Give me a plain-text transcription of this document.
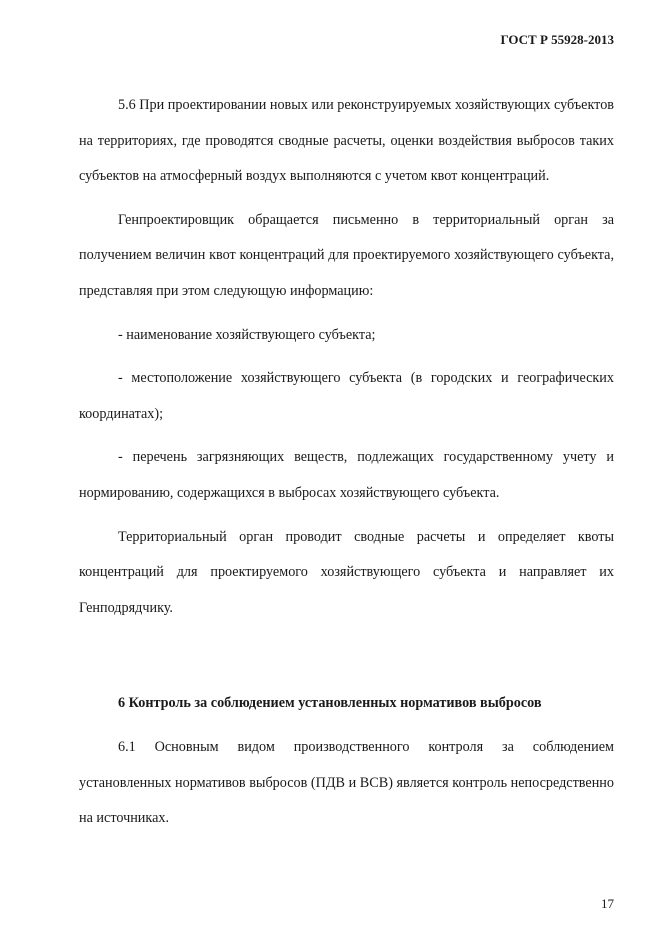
ГОСТ Р 55928-2013

5.6 При проектировании новых или реконструируемых хозяйствующих субъектов на территориях, где проводятся сводные расчеты, оценки воздействия выбросов таких субъектов на атмосферный воздух выполняются с учетом квот концентраций.

Генпроектировщик обращается письменно в территориальный орган за получением величин квот концентраций для проектируемого хозяйствующего субъекта, представляя при этом следующую информацию:

- наименование хозяйствующего субъекта;

- местоположение хозяйствующего субъекта (в городских и географических координатах);

- перечень загрязняющих веществ, подлежащих государственному учету и нормированию, содержащихся в выбросах хозяйствующего субъекта.

Территориальный орган проводит сводные расчеты и определяет квоты концентраций для проектируемого хозяйствующего субъекта и направляет их Генподрядчику.

6 Контроль за соблюдением установленных нормативов выбросов

6.1 Основным видом производственного контроля за соблюдением установленных нормативов выбросов (ПДВ и ВСВ) является контроль непосредственно на источниках.

17
